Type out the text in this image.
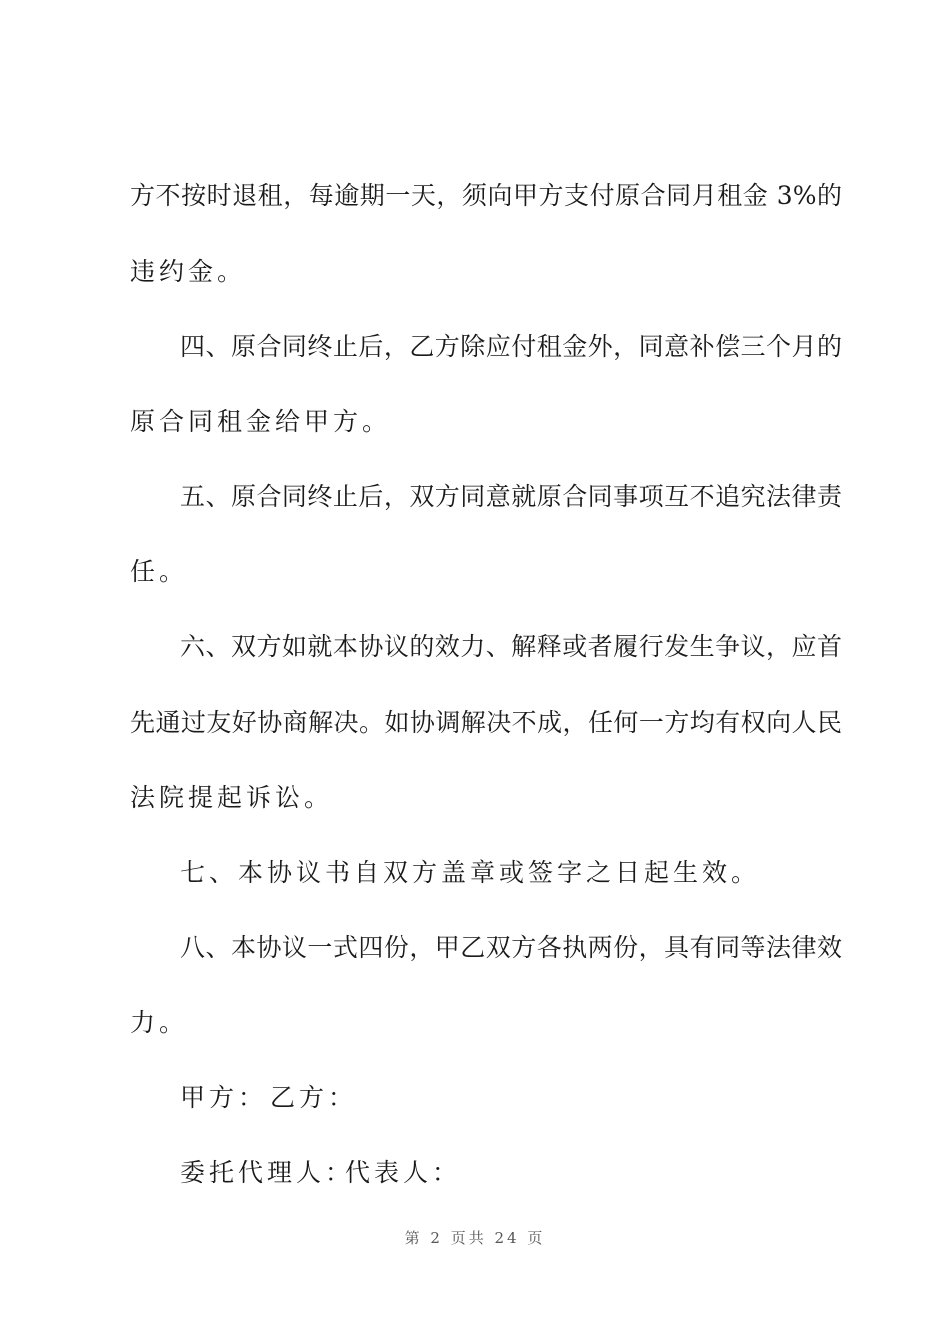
方不按时退租，每逾期一天，须向甲方支付原合同月租金 3%的
违约金。
四、原合同终止后，乙方除应付租金外，同意补偿三个月的
原合同租金给甲方。
五、原合同终止后，双方同意就原合同事项互不追究法律责
任。
六、双方如就本协议的效力、解释或者履行发生争议，应首
先通过友好协商解决。如协调解决不成，任何一方均有权向人民
法院提起诉讼。
七、本协议书自双方盖章或签字之日起生效。
八、本协议一式四份，甲乙双方各执两份，具有同等法律效
力。
甲方： 乙方：
委托代理人：
代表人：
第 2 页共 24 页
